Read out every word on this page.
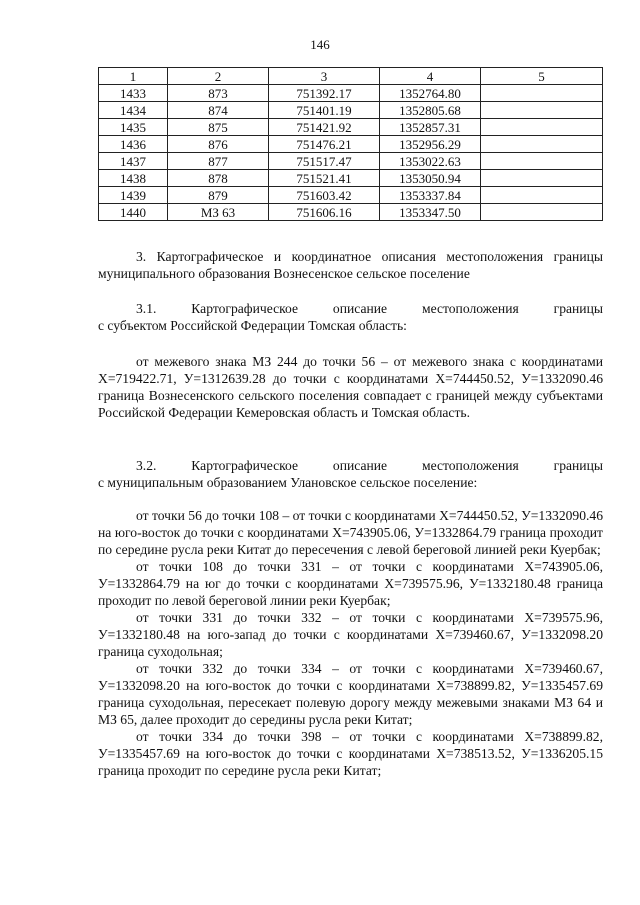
146
1	2	3	4	5
1433	873	751392.17	1352764.80	
1434	874	751401.19	1352805.68	
1435	875	751421.92	1352857.31	
1436	876	751476.21	1352956.29	
1437	877	751517.47	1353022.63	
1438	878	751521.41	1353050.94	
1439	879	751603.42	1353337.84	
1440	МЗ 63	751606.16	1353347.50	

3. Картографическое и координатное описания местоположения границы муниципального образования Вознесенское сельское поселение

3.1.	Картографическое	описание	местоположения	границы

с субъектом Российской Федерации Томская область:

от межевого знака МЗ 244 до точки 56 – от межевого знака с координатами Х=719422.71, У=1312639.28 до точки с координатами Х=744450.52, У=1332090.46 граница Вознесенского сельского поселения совпадает с границей между субъектами Российской Федерации Кемеровская область и Томская область.

3.2.	Картографическое	описание	местоположения	границы

с муниципальным образованием Улановское сельское поселение:

от точки 56 до точки 108 – от точки с координатами Х=744450.52, У=1332090.46 на юго-восток до точки с координатами Х=743905.06, У=1332864.79 граница проходит по середине русла реки Китат до пересечения с левой береговой линией реки Куербак;

от точки 108 до точки 331 – от точки с координатами Х=743905.06, У=1332864.79 на юг до точки с координатами Х=739575.96, У=1332180.48 граница проходит по левой береговой линии реки Куербак;

от точки 331 до точки 332 – от точки с координатами Х=739575.96, У=1332180.48 на юго-запад до точки с координатами Х=739460.67, У=1332098.20 граница суходольная;

от точки 332 до точки 334 – от точки с координатами Х=739460.67, У=1332098.20 на юго-восток до точки с координатами Х=738899.82, У=1335457.69 граница суходольная, пересекает полевую дорогу между межевыми знаками МЗ 64 и МЗ 65, далее проходит до середины русла реки Китат;

от точки 334 до точки 398 – от точки с координатами Х=738899.82, У=1335457.69 на юго-восток до точки с координатами Х=738513.52, У=1336205.15 граница проходит по середине русла реки Китат;
